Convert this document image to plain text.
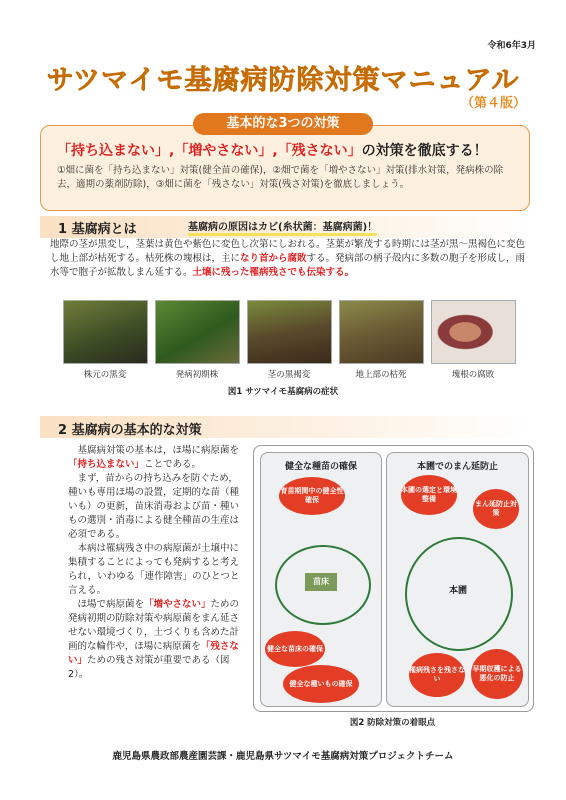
令和6年3月
サツマイモ基腐病防除対策マニュアル
（第４版）
「持ち込まない」,「増やさない」,「残さない」の対策を徹底する！
①畑に菌を「持ち込まない」対策(健全苗の確保)，②畑で菌を「増やさない」対策(排水対策，発病株の除去，適期の薬剤防除)，③畑に菌を「残さない」対策(残さ対策)を徹底しましょう。
基本的な3つの対策
1 基腐病とは	基腐病の原因はカビ(糸状菌：基腐病菌)！
地際の茎が黒変し，茎葉は黄色や紫色に変色し次第にしおれる。茎葉が繁茂する時期には茎が黒～黒褐色に変色し地上部が枯死する。枯死株の塊根は，主になり首から腐敗する。発病部の柄子殻内に多数の胞子を形成し，雨水等で胞子が拡散しまん延する。土壌に残った罹病残さでも伝染する。
株元の黒変	発病初期株	茎の黒褐変	地上部の枯死	塊根の腐敗
図1 サツマイモ基腐病の症状
2 基腐病の基本的な対策
　基腐病対策の基本は，ほ場に病原菌を「持ち込まない」ことである。
　まず，苗からの持ち込みを防ぐため，種いも専用ほ場の設置，定期的な苗（種いも）の更新，苗床消毒および苗・種いもの選別・消毒による健全種苗の生産は必須である。
　本病は罹病残さ中の病原菌が土壌中に集積することによっても発病すると考えられ，いわゆる「連作障害」のひとつと言える。
　ほ場で病原菌を「増やさない」ための発病初期の防除対策や病原菌をまん延させない環境づくり，土づくりも含めた計画的な輪作や，ほ場に病原菌を「残さない」ための残さ対策が重要である（図2）。
健全な種苗の確保
育苗期間中の健全性確保
苗床
健全な苗床の確保
健全な種いもの確保
本圃でのまん延防止
本圃の選定と環境整備
まん延防止対策
本圃
罹病残さを残さない
早期収穫による悪化の防止
図2 防除対策の着眼点
鹿児島県農政部農産園芸課・鹿児島県サツマイモ基腐病対策プロジェクトチーム
